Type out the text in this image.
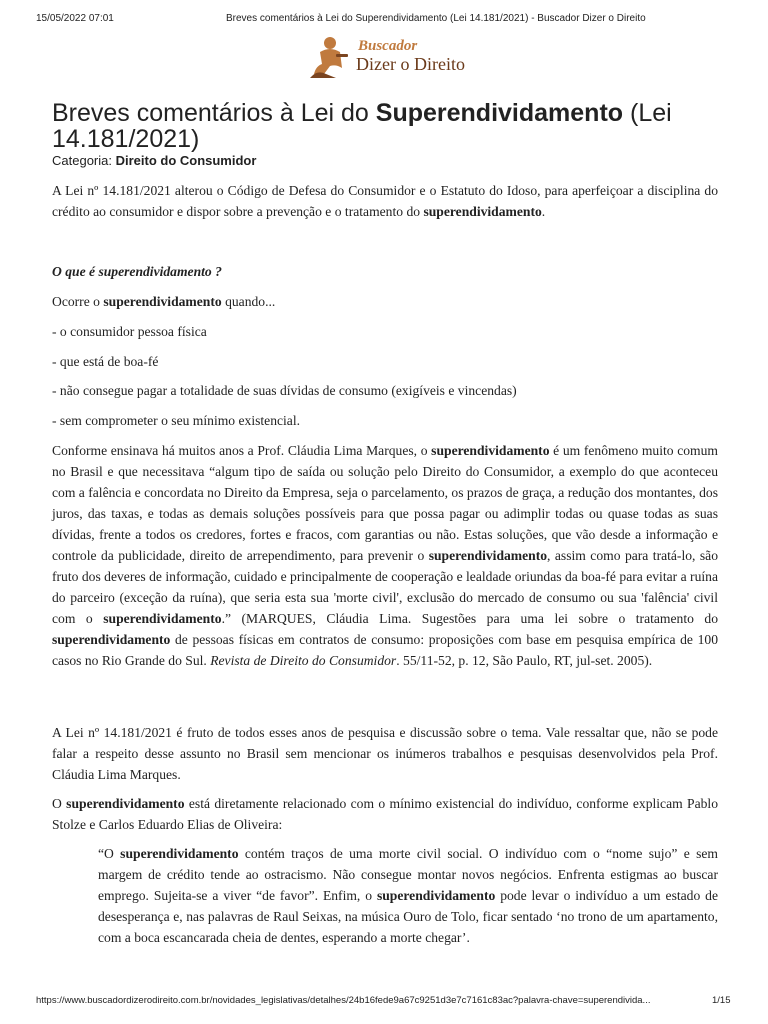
15/05/2022 07:01	Breves comentários à Lei do Superendividamento (Lei 14.181/2021) - Buscador Dizer o Direito
Buscador
Dizer o Direito
Breves comentários à Lei do Superendividamento (Lei 14.181/2021)
Categoria: Direito do Consumidor

A Lei nº 14.181/2021 alterou o Código de Defesa do Consumidor e o Estatuto do Idoso, para aperfeiçoar a disciplina do crédito ao consumidor e dispor sobre a prevenção e o tratamento do superendividamento.

O que é superendividamento ?

Ocorre o superendividamento quando...

- o consumidor pessoa física

- que está de boa-fé

- não consegue pagar a totalidade de suas dívidas de consumo (exigíveis e vincendas)

- sem comprometer o seu mínimo existencial.

Conforme ensinava há muitos anos a Prof. Cláudia Lima Marques, o superendividamento é um fenômeno muito comum no Brasil e que necessitava “algum tipo de saída ou solução pelo Direito do Consumidor, a exemplo do que aconteceu com a falência e concordata no Direito da Empresa, seja o parcelamento, os prazos de graça, a redução dos montantes, dos juros, das taxas, e todas as demais soluções possíveis para que possa pagar ou adimplir todas ou quase todas as suas dívidas, frente a todos os credores, fortes e fracos, com garantias ou não. Estas soluções, que vão desde a informação e controle da publicidade, direito de arrependimento, para prevenir o superendividamento, assim como para tratá-lo, são fruto dos deveres de informação, cuidado e principalmente de cooperação e lealdade oriundas da boa-fé para evitar a ruína do parceiro (exceção da ruína), que seria esta sua 'morte civil', exclusão do mercado de consumo ou sua 'falência' civil com o superendividamento.” (MARQUES, Cláudia Lima. Sugestões para uma lei sobre o tratamento do superendividamento de pessoas físicas em contratos de consumo: proposições com base em pesquisa empírica de 100 casos no Rio Grande do Sul. Revista de Direito do Consumidor. 55/11-52, p. 12, São Paulo, RT, jul-set. 2005).

A Lei nº 14.181/2021 é fruto de todos esses anos de pesquisa e discussão sobre o tema. Vale ressaltar que, não se pode falar a respeito desse assunto no Brasil sem mencionar os inúmeros trabalhos e pesquisas desenvolvidos pela Prof. Cláudia Lima Marques.

O superendividamento está diretamente relacionado com o mínimo existencial do indivíduo, conforme explicam Pablo Stolze e Carlos Eduardo Elias de Oliveira:

“O superendividamento contém traços de uma morte civil social. O indivíduo com o “nome sujo” e sem margem de crédito tende ao ostracismo. Não consegue montar novos negócios. Enfrenta estigmas ao buscar emprego. Sujeita-se a viver “de favor”. Enfim, o superendividamento pode levar o indivíduo a um estado de desesperança e, nas palavras de Raul Seixas, na música Ouro de Tolo, ficar sentado ‘no trono de um apartamento, com a boca escancarada cheia de dentes, esperando a morte chegar’.

https://www.buscadordizerodireito.com.br/novidades_legislativas/detalhes/24b16fede9a67c9251d3e7c7161c83ac?palavra-chave=superendivida...	1/15
